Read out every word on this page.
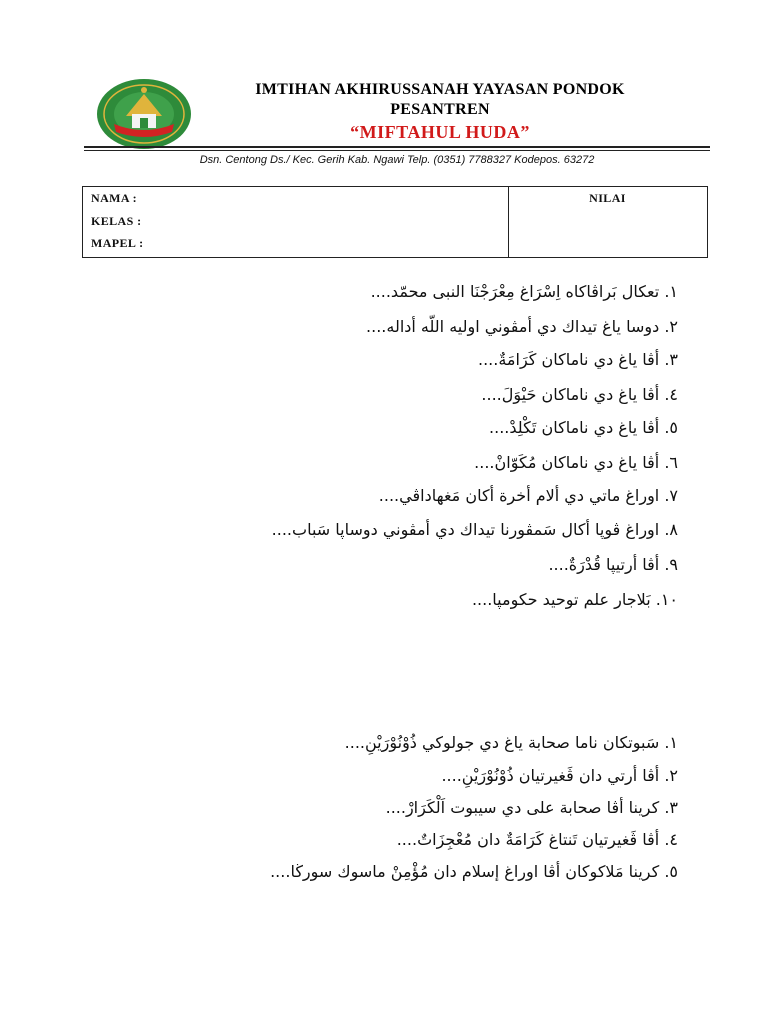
IMTIHAN AKHIRUSSANAH YAYASAN PONDOK
PESANTREN
“MIFTAHUL HUDA”
Dsn. Centong Ds./ Kec. Gerih Kab. Ngawi Telp. (0351) 7788327 Kodepos. 63272
NAMA :
KELAS :
MAPEL :
NILAI
١. تعكال بَراڤاكاه اِسْرَاغ مِعْرَجْنَا النبى محمّد....
٢. دوسا ياغ تيداك دي أمڤوني اوليه اللّه أداله....
٣. أڤا ياغ دي ناماكان كَرَامَةٌ....
٤. أڤا ياغ دي ناماكان حَيْوَلَ....
٥. أڤا ياغ دي ناماكان تَكْلِدْ....
٦. أڤا ياغ دي ناماكان مُكَوّانْ....
٧. اوراغ ماتي دي ألام أخرة أكان مَغهاداڤي....
٨. اوراغ ڤوڽا أكال سَمڤورنا تيداك دي أمڤوني دوساڽا سَباب....
٩. أڤا أرتيڽا قُدْرَةٌ....
١٠. بَلاجار علم توحيد حكومڽا....
١. سَبوتكان ناما صحابة ياغ دي جولوكي ذُوْنُوْرَيْنِ....
٢. أڤا أرتي دان ڤَغيرتيان ذُوْنُوْرَيْنِ....
٣. كرينا أڤا صحابة على دي سيبوت اَلْكَرَارْ....
٤. أڤا ڤَغيرتيان تَنتاغ كَرَامَةٌ دان مُعْجِزَاتٌ....
٥. كرينا مَلاكوكان أڤا اوراغ إسلام دان مُؤْمِنْ ماسوك سورڬا....
